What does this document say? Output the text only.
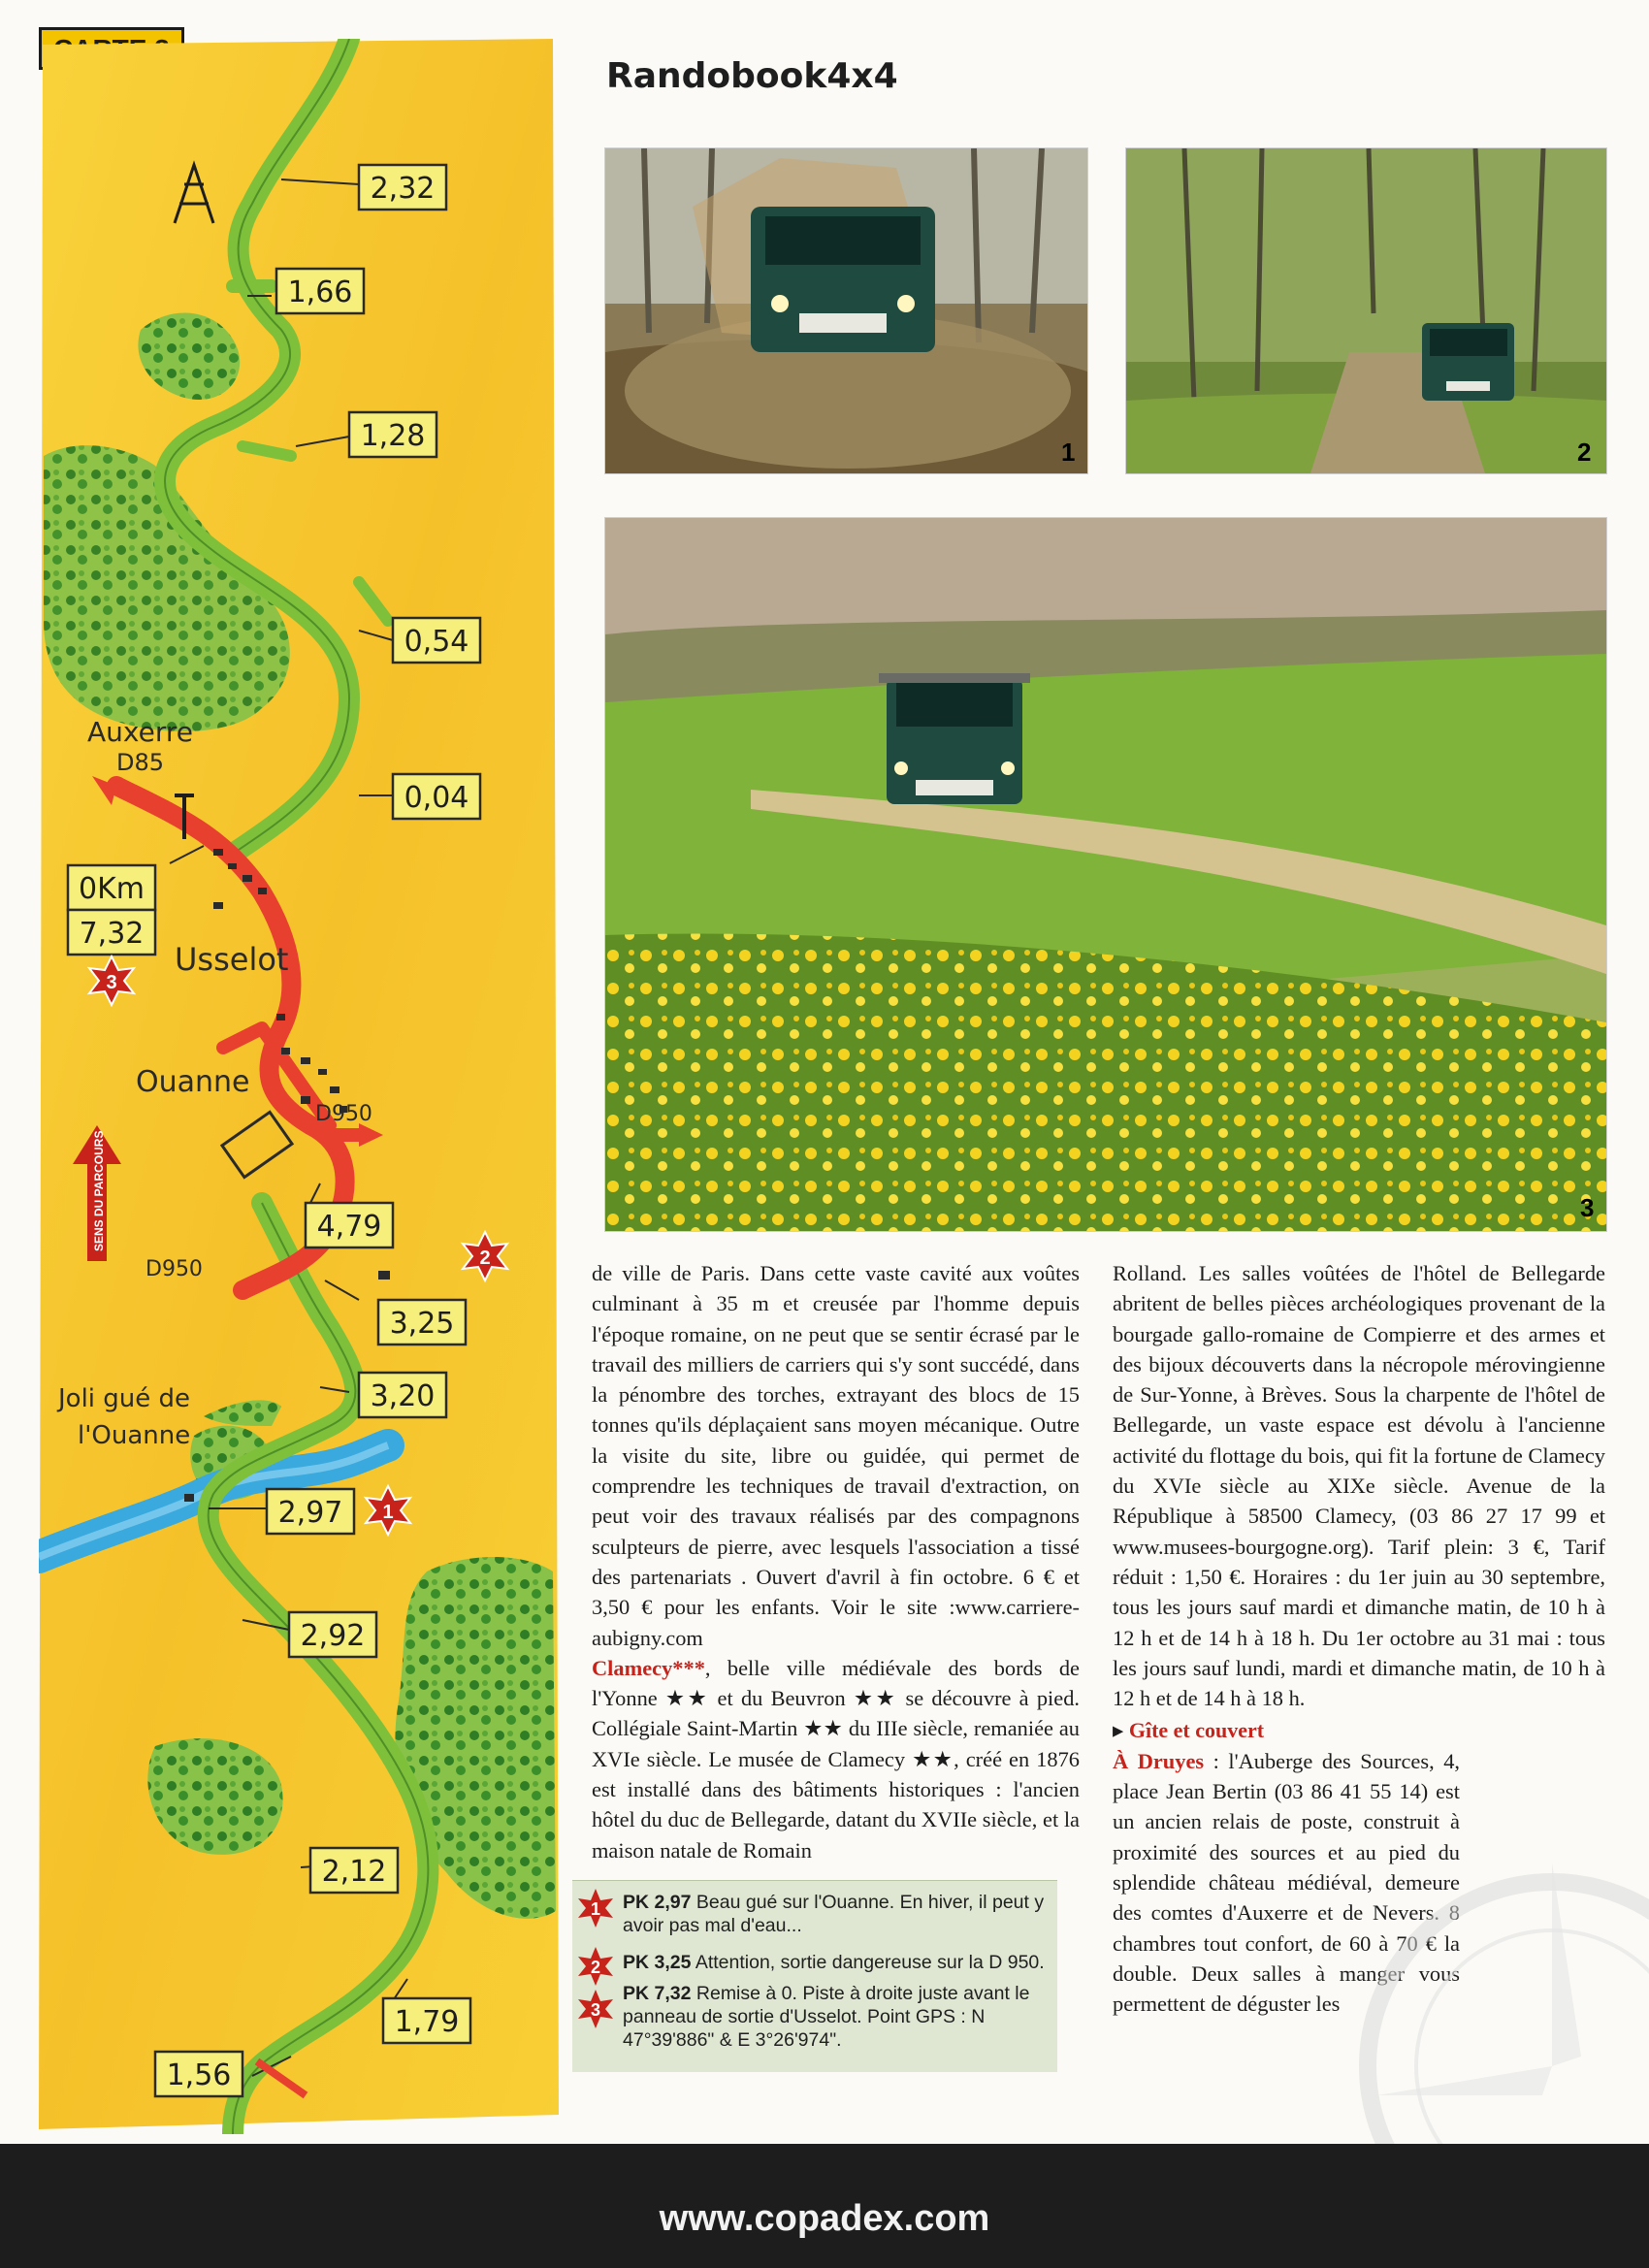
2,32
1,66
1,28
0,54
0,04
0Km
7,32
4,79
3,25
3,20
2,97
2,92
2,12
1,79
1,56
Auxerre
D85
Usselot
Ouanne
D950
D950
Joli gué de
l'Ouanne
SENS DU PARCOURS
3
2
1
Randobook4x4
1	2
3

de ville de Paris. Dans cette vaste cavité aux voûtes culminant à 35 m et creusée par l'homme depuis l'époque romaine, on ne peut que se sentir écrasé par le travail des milliers de carriers qui s'y sont succédé, dans la pénombre des torches, extrayant des blocs de 15 tonnes qu'ils déplaçaient sans moyen mécanique. Outre la visite du site, libre ou guidée, qui permet de comprendre les techniques de travail d'extraction, on peut voir des travaux réalisés par des compagnons sculpteurs de pierre, avec lesquels l'association a tissé des partenariats . Ouvert d'avril à fin octobre. 6 € et 3,50 € pour les enfants. Voir le site :www.carriere-aubigny.com
Clamecy***, belle ville médiévale des bords de l'Yonne ★★ et du Beuvron ★★ se découvre à pied. Collégiale Saint-Martin ★★ du IIIe siècle, remaniée au XVIe siècle. Le musée de Clamecy ★★, créé en 1876 est installé dans des bâtiments historiques : l'ancien hôtel du duc de Bellegarde, datant du XVIIe siècle, et la maison natale de Romain

Rolland. Les salles voûtées de l'hôtel de Bellegarde abritent de belles pièces archéologiques provenant de la bourgade gallo-romaine de Compierre et des armes et des bijoux découverts dans la nécropole mérovingienne de Sur-Yonne, à Brèves. Sous la charpente de l'hôtel de Bellegarde, un vaste espace est dévolu à l'ancienne activité du flottage du bois, qui fit la fortune de Clamecy du XVIe siècle au XIXe siècle. Avenue de la République à 58500 Clamecy, (03 86 27 17 99 et www.musees-bourgogne.org). Tarif plein: 3 €, Tarif réduit : 1,50 €. Horaires : du 1er juin au 30 septembre, tous les jours sauf mardi et dimanche matin, de 10 h à 12 h et de 14 h à 18 h. Du 1er octobre au 31 mai : tous les jours sauf lundi, mardi et dimanche matin, de 10 h à 12 h et de 14 h à 18 h.

▸ Gîte et couvert

À Druyes : l'Auberge des Sources, 4, place Jean Bertin (03 86 41 55 14) est un ancien relais de poste, construit à proximité des sources et au pied du splendide château médiéval, demeure des comtes d'Auxerre et de Nevers. 8 chambres tout confort, de 60 à 70 € la double. Deux salles à manger vous permettent de déguster les

1 PK 2,97 Beau gué sur l'Ouanne. En hiver, il peut y avoir pas mal d'eau...
2 PK 3,25 Attention, sortie dangereuse sur la D 950.
3
PK 7,32 Remise à 0. Piste à droite juste avant le panneau de sortie d'Usselot. Point GPS : N 47°39'886" & E 3°26'974".
www.copadex.com
